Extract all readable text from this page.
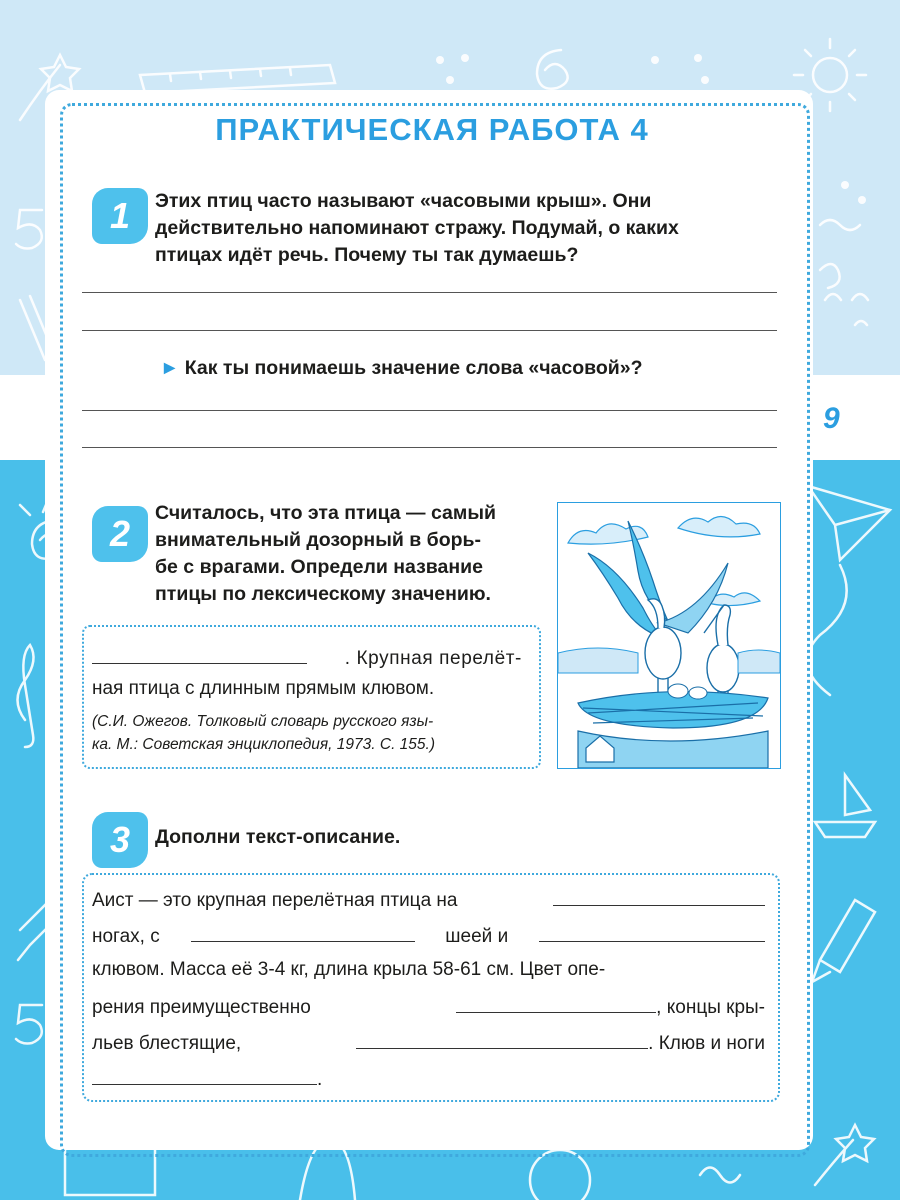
ПРАКТИЧЕСКАЯ РАБОТА 4
1	Этих птиц часто называют «часовыми крыш». Они
действительно напоминают стражу. Подумай, о каких
птицах идёт речь. Почему ты так думаешь?
► Как ты понимаешь значение слова «часовой»?
9
2	Считалось, что эта птица — самый
внимательный дозорный в борь-
бе с врагами. Определи название
птицы по лексическому значению.
. Крупная перелёт-
ная птица с длинным прямым клювом.
(С.И. Ожегов. Толковый словарь русского язы-
ка. М.: Советская энциклопедия, 1973. С. 155.)
3	Дополни текст-описание.
Аист — это крупная перелётная птица на
ногах, с	шеей и
клювом. Масса её 3-4 кг, длина крыла 58-61 см. Цвет опе-
рения преимущественно	, концы кры-
льев блестящие,	. Клюв и ноги
.
